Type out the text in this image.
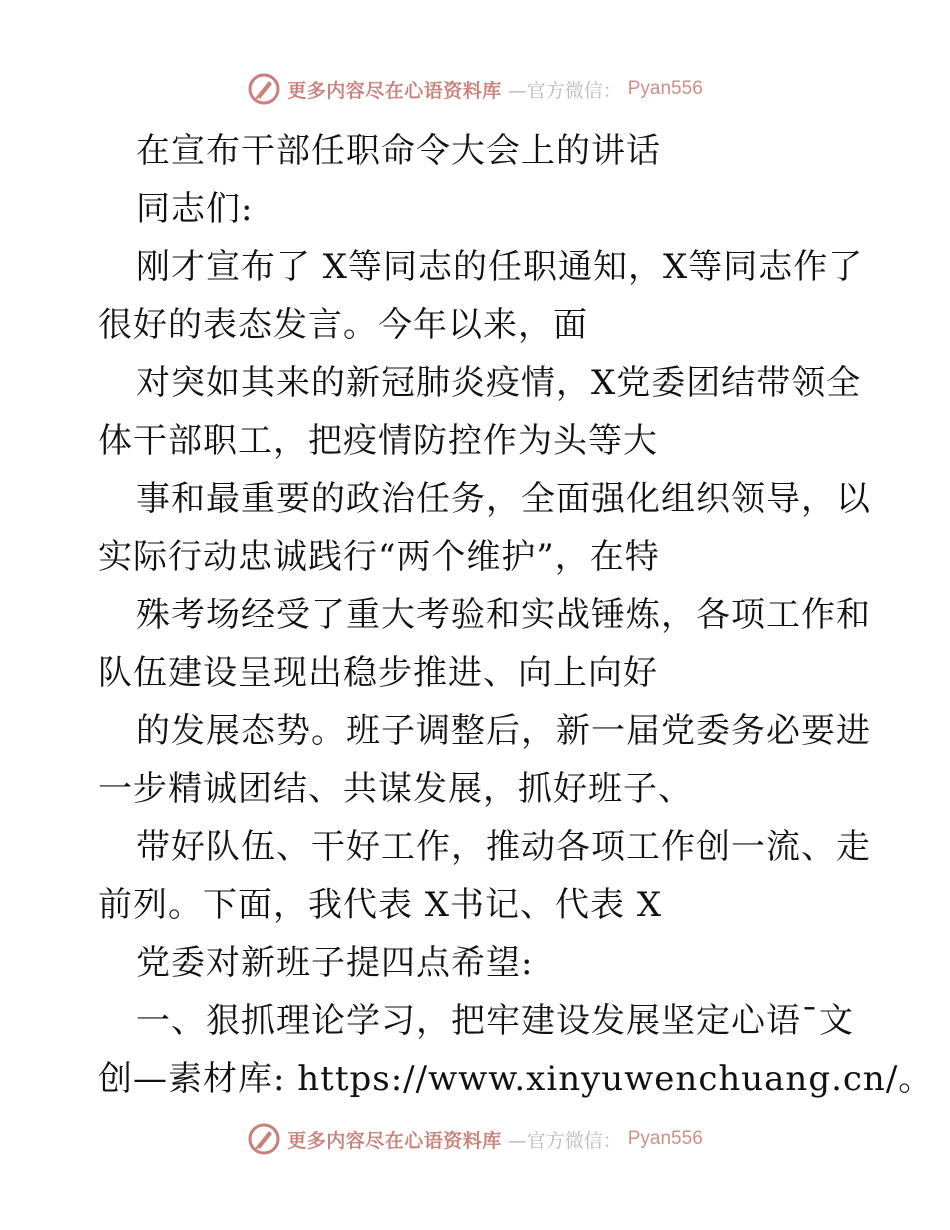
更多内容尽在心语资料库 —官方微信： Pyan556
在宣布干部任职命令大会上的讲话
同志们:
刚才宣布了 X等同志的任职通知，X等同志作了
很好的表态发言。今年以来，面
对突如其来的新冠肺炎疫情，X党委团结带领全
体干部职工，把疫情防控作为头等大
事和最重要的政治任务，全面强化组织领导，以
实际行动忠诚践行“两个维护”，在特
殊考场经受了重大考验和实战锤炼，各项工作和
队伍建设呈现出稳步推进、向上向好
的发展态势。班子调整后，新一届党委务必要进
一步精诚团结、共谋发展，抓好班子、
带好队伍、干好工作，推动各项工作创一流、走
前列。下面，我代表 X书记、代表 X
党委对新班子提四点希望:
一、狠抓理论学习，把牢建设发展坚定心语¯文
创—素材库: https://www.xinyuwenchuang.cn/。
更多内容尽在心语资料库 —官方微信： Pyan556
